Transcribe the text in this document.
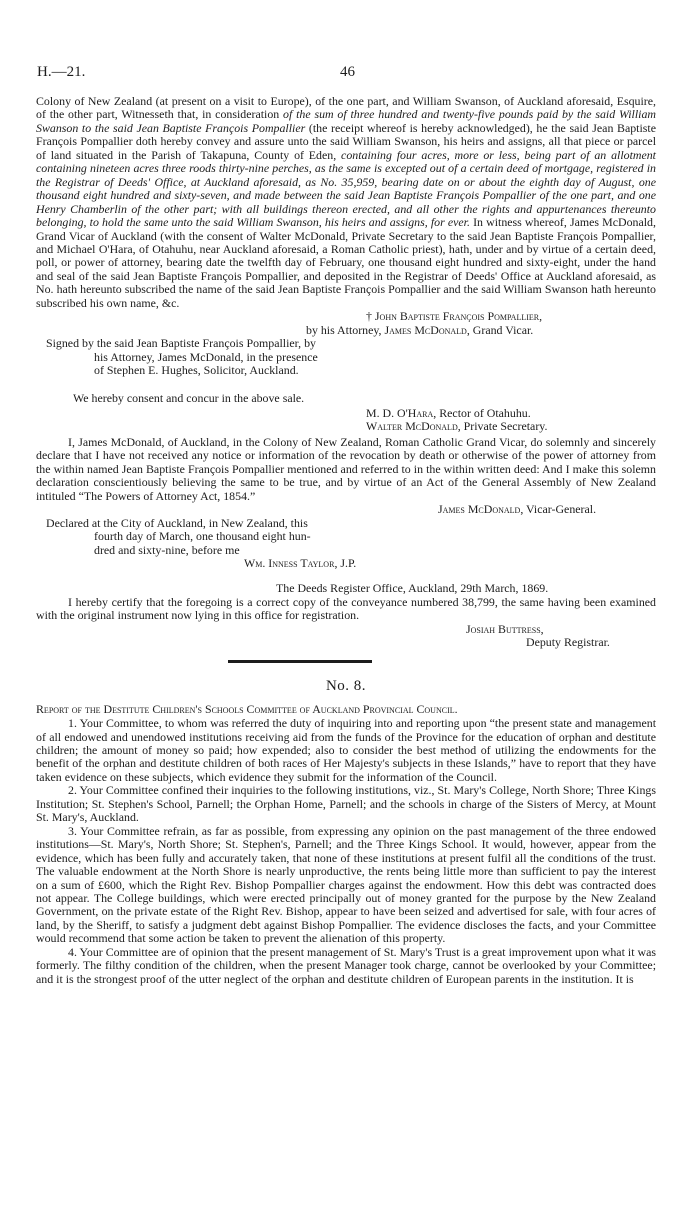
H.—21.	46

Colony of New Zealand (at present on a visit to Europe), of the one part, and William Swanson, of Auckland aforesaid, Esquire, of the other part, Witnesseth that, in consideration of the sum of three hundred and twenty-five pounds paid by the said William Swanson to the said Jean Baptiste François Pompallier (the receipt whereof is hereby acknowledged), he the said Jean Baptiste François Pompallier doth hereby convey and assure unto the said William Swanson, his heirs and assigns, all that piece or parcel of land situated in the Parish of Takapuna, County of Eden, containing four acres, more or less, being part of an allotment containing nineteen acres three roods thirty-nine perches, as the same is excepted out of a certain deed of mortgage, registered in the Registrar of Deeds' Office, at Auckland aforesaid, as No. 35,959, bearing date on or about the eighth day of August, one thousand eight hundred and sixty-seven, and made between the said Jean Baptiste François Pompallier of the one part, and one Henry Chamberlin of the other part; with all buildings thereon erected, and all other the rights and appurtenances thereunto belonging, to hold the same unto the said William Swanson, his heirs and assigns, for ever. In witness whereof, James McDonald, Grand Vicar of Auckland (with the consent of Walter McDonald, Private Secretary to the said Jean Baptiste François Pompallier, and Michael O'Hara, of Otahuhu, near Auckland aforesaid, a Roman Catholic priest), hath, under and by virtue of a certain deed, poll, or power of attorney, bearing date the twelfth day of February, one thousand eight hundred and sixty-eight, under the hand and seal of the said Jean Baptiste François Pompallier, and deposited in the Registrar of Deeds' Office at Auckland aforesaid, as No. hath hereunto subscribed the name of the said Jean Baptiste François Pompallier and the said William Swanson hath hereunto subscribed his own name, &c.

† John Baptiste François Pompallier,
by his Attorney, James McDonald, Grand Vicar.
Signed by the said Jean Baptiste François Pompallier, by
his Attorney, James McDonald, in the presence
of Stephen E. Hughes, Solicitor, Auckland.

We hereby consent and concur in the above sale.

M. D. O'Hara, Rector of Otahuhu.
Walter McDonald, Private Secretary.

I, James McDonald, of Auckland, in the Colony of New Zealand, Roman Catholic Grand Vicar, do solemnly and sincerely declare that I have not received any notice or information of the revocation by death or otherwise of the power of attorney from the within named Jean Baptiste François Pompallier mentioned and referred to in the within written deed: And I make this solemn declaration conscientiously believing the same to be true, and by virtue of an Act of the General Assembly of New Zealand intituled “The Powers of Attorney Act, 1854.”

James McDonald, Vicar-General.
Declared at the City of Auckland, in New Zealand, this
fourth day of March, one thousand eight hun-
dred and sixty-nine, before me
Wm. Inness Taylor, J.P.
The Deeds Register Office, Auckland, 29th March, 1869.

I hereby certify that the foregoing is a correct copy of the conveyance numbered 38,799, the same having been examined with the original instrument now lying in this office for registration.

Josiah Buttress,
Deputy Registrar.
No. 8.

Report of the Destitute Children's Schools Committee of Auckland Provincial Council.

1. Your Committee, to whom was referred the duty of inquiring into and reporting upon “the present state and management of all endowed and unendowed institutions receiving aid from the funds of the Province for the education of orphan and destitute children; the amount of money so paid; how expended; also to consider the best method of utilizing the endowments for the benefit of the orphan and destitute children of both races of Her Majesty's subjects in these Islands,” have to report that they have taken evidence on these subjects, which evidence they submit for the information of the Council.

2. Your Committee confined their inquiries to the following institutions, viz., St. Mary's College, North Shore; Three Kings Institution; St. Stephen's School, Parnell; the Orphan Home, Parnell; and the schools in charge of the Sisters of Mercy, at Mount St. Mary's, Auckland.

3. Your Committee refrain, as far as possible, from expressing any opinion on the past management of the three endowed institutions—St. Mary's, North Shore; St. Stephen's, Parnell; and the Three Kings School. It would, however, appear from the evidence, which has been fully and accurately taken, that none of these institutions at present fulfil all the conditions of the trust. The valuable endowment at the North Shore is nearly unproductive, the rents being little more than sufficient to pay the interest on a sum of £600, which the Right Rev. Bishop Pompallier charges against the endowment. How this debt was contracted does not appear. The College buildings, which were erected principally out of money granted for the purpose by the New Zealand Government, on the private estate of the Right Rev. Bishop, appear to have been seized and advertised for sale, with four acres of land, by the Sheriff, to satisfy a judgment debt against Bishop Pompallier. The evidence discloses the facts, and your Committee would recommend that some action be taken to prevent the alienation of this property.

4. Your Committee are of opinion that the present management of St. Mary's Trust is a great improvement upon what it was formerly. The filthy condition of the children, when the present Manager took charge, cannot be overlooked by your Committee; and it is the strongest proof of the utter neglect of the orphan and destitute children of European parents in the institution. It is
